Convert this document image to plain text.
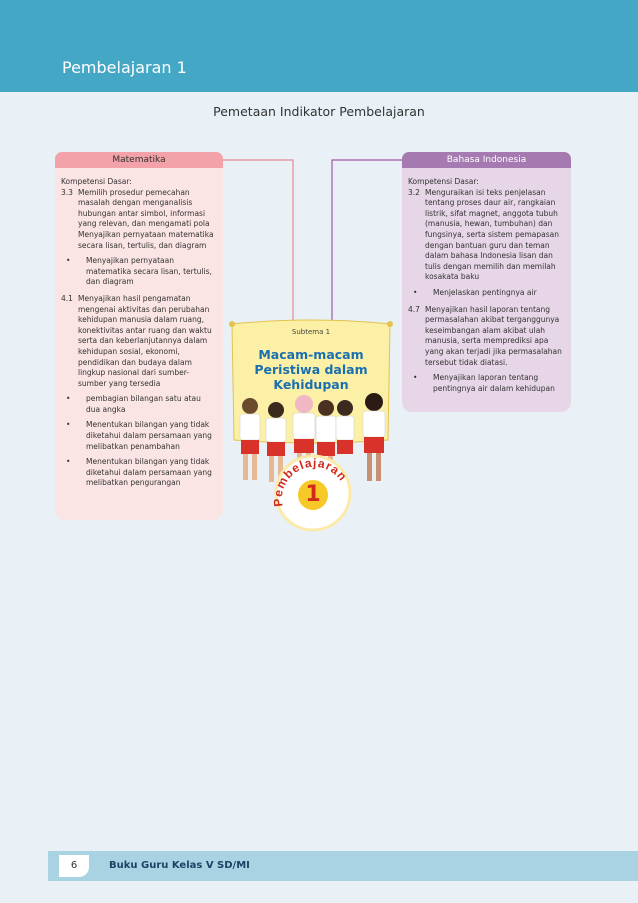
Pembelajaran 1
Pemetaan Indikator Pembelajaran
Matematika

Kompetensi Dasar:

3.3 Memilih prosedur pemecahan masalah dengan menganalisis hubungan antar simbol, informasi yang relevan, dan mengamati pola Menyajikan pernyataan matematika secara lisan, tertulis, dan diagram

• Menyajikan pernyataan matematika secara lisan, tertulis, dan diagram

4.1 Menyajikan hasil pengamatan mengenai aktivitas dan perubahan kehidupan manusia dalam ruang, konektivitas antar ruang dan waktu serta dan keberlanjutannya dalam kehidupan sosial, ekonomi, pendidikan dan budaya dalam lingkup nasional dari sumber-sumber yang tersedia

• pembagian bilangan satu atau dua angka

• Menentukan bilangan yang tidak diketahui dalam persamaan yang melibatkan penambahan

• Menentukan bilangan yang tidak diketahui dalam persamaan yang melibatkan pengurangan

Bahasa Indonesia

Kompetensi Dasar:

3.2 Menguraikan isi teks penjelasan tentang proses daur air, rangkaian listrik, sifat magnet, anggota tubuh (manusia, hewan, tumbuhan) dan fungsinya, serta sistem pemapasan dengan bantuan guru dan teman dalam bahasa Indonesia lisan dan tulis dengan memilih dan memilah kosakata baku

• Menjelaskan pentingnya air

4.7 Menyajikan hasil laporan tentang permasalahan akibat terganggunya keseimbangan alam akibat ulah manusia, serta memprediksi apa yang akan terjadi jika permasalahan tersebut tidak diatasi.

• Menyajikan laporan tentang pentingnya air dalam kehidupan

Subtema 1
Macam-macam Peristiwa dalam Kehidupan
Pembelajaran
1
6	Buku Guru Kelas V SD/MI
